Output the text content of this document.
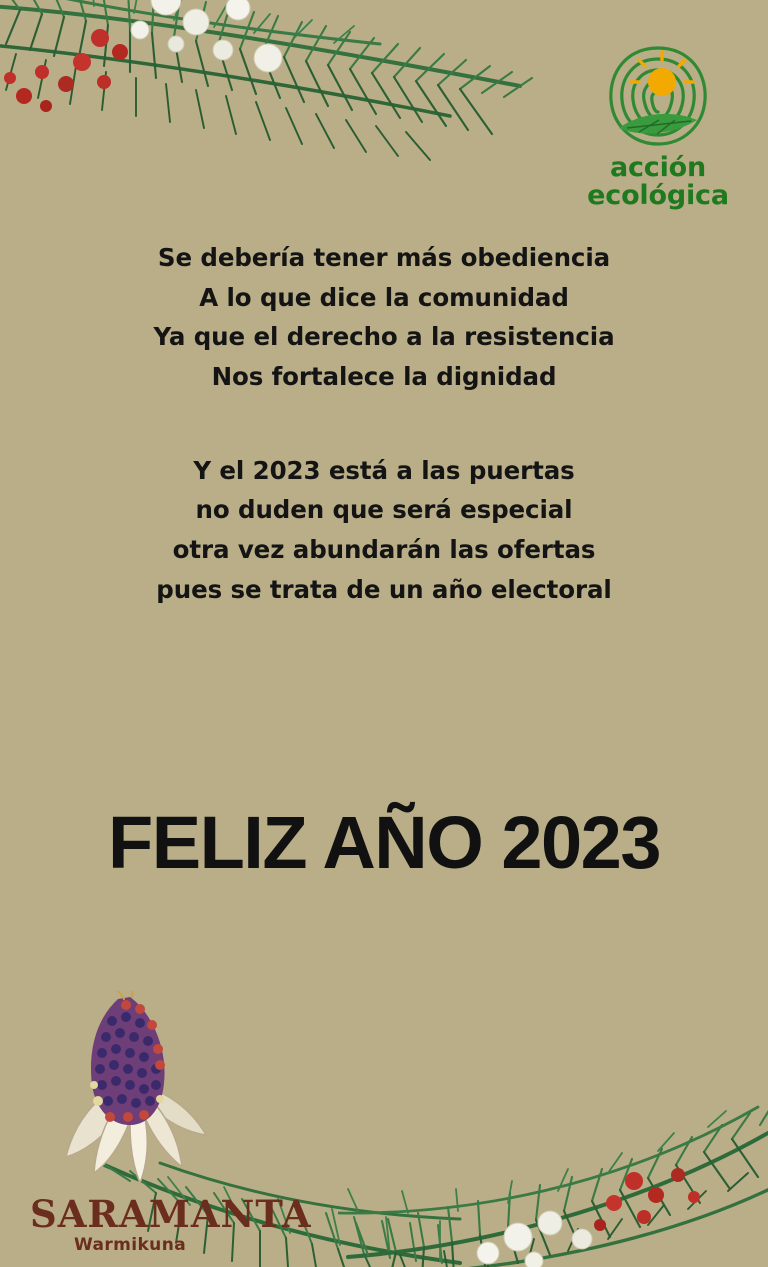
acción
ecológica

Se debería tener más obediencia
A lo que dice la comunidad
Ya que el derecho a la resistencia
Nos fortalece la dignidad

Y el 2023 está a las puertas
no duden que será especial
otra vez abundarán las ofertas
pues se trata de un año electoral

FELIZ AÑO 2023
SARAMANTA
Warmikuna
